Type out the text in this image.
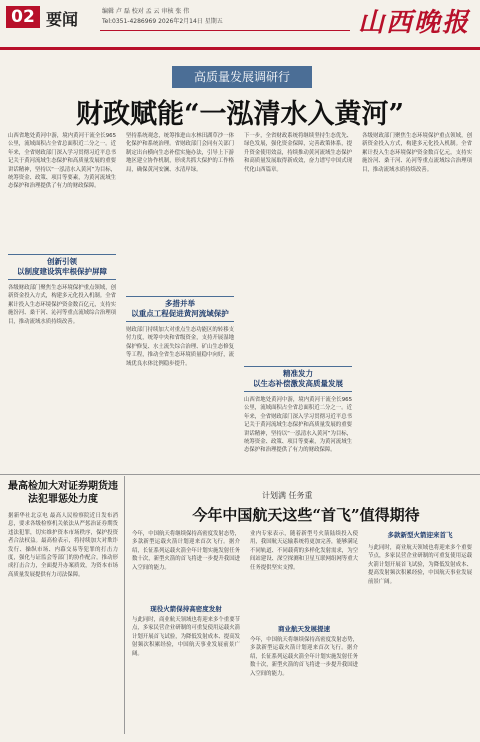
02 要闻	编辑 卢 磊 校对 孟 云 审核 张 伟
Tel:0351-4286969 2026年2月14日 星期五	山西晚报
高质量发展调研行
财政赋能“一泓清水入黄河”
山西省地处黄河中游，境内黄河干流全长965公里，流域面积占全省总面积近二分之一。近年来，全省财政部门深入学习贯彻习近平总书记关于黄河流域生态保护和高质量发展的重要讲话精神，坚持以“一泓清水入黄河”为目标，统筹资金、政策、项目等要素，为黄河流域生态保护和治理提供了有力的财政保障。
创新引领
以制度建设筑牢根保护屏障
各级财政部门聚焦生态环境保护重点领域，创新资金投入方式，构建多元化投入机制。全省累计投入生态环境保护资金数百亿元，支持实施汾河、桑干河、沁河等重点流域综合治理项目，推动流域水质持续改善。
坚持系统观念，统筹推进山水林田湖草沙一体化保护和系统治理。省财政部门会同有关部门制定出台横向生态补偿实施办法，引导上下游地区建立协作机制，形成共抓大保护的工作格局，确保黄河安澜、水清岸绿。
多措并举
以重点工程促进黄河流域保护
财政部门持续加大对重点生态功能区的转移支付力度，统筹中央和省级资金，支持开展湿地保护修复、水土流失综合治理、矿山生态修复等工程，推动全省生态环境质量稳中向好，流域优良水体比例稳步提升。
下一步，全省财政系统将继续坚持生态优先、绿色发展，强化资金保障，完善政策体系，提升资金使用效益，持续推动黄河流域生态保护和高质量发展取得新成效，奋力谱写中国式现代化山西篇章。
精准发力
以生态补偿激发高质量发展
山西省地处黄河中游，境内黄河干流全长965公里，流域面积占全省总面积近二分之一。近年来，全省财政部门深入学习贯彻习近平总书记关于黄河流域生态保护和高质量发展的重要讲话精神，坚持以“一泓清水入黄河”为目标，统筹资金、政策、项目等要素，为黄河流域生态保护和治理提供了有力的财政保障。
各级财政部门聚焦生态环境保护重点领域，创新资金投入方式，构建多元化投入机制。全省累计投入生态环境保护资金数百亿元，支持实施汾河、桑干河、沁河等重点流域综合治理项目，推动流域水质持续改善。
最高检加大对证券期货违法犯罪惩处力度
据新华社北京电 最高人民检察院近日发布消息，要求各级检察机关依法从严惩治证券期货违法犯罪，切实维护资本市场秩序，保护投资者合法权益。最高检表示，将持续加大对欺诈发行、操纵市场、内幕交易等犯罪的打击力度，强化与证监会等部门的协作配合，推动形成打击合力，全面提升办案质效，为资本市场高质量发展提供有力司法保障。
计划满 任务重
今年中国航天这些“首飞”值得期待
今年，中国航天将继续保持高密度发射态势，多款新型运载火箭计划迎来首次飞行。据介绍，长征系列运载火箭全年计划实施发射任务数十次，新型火箭的首飞将进一步提升我国进入空间的能力。
现役火箭保持高密度发射
与此同时，商业航天领域也将迎来多个重要节点，多家民营企业研制的可重复使用运载火箭计划开展首飞试验，为降低发射成本、提高发射频次积累经验，中国航天事业发展前景广阔。
业内专家表示，随着新型号火箭陆续投入使用，我国航天运输系统将更加完善，能够满足不同轨道、不同载荷的多样化发射需求，为空间站建设、深空探测和卫星互联网组网等重大任务提供坚实支撑。
商业航天发展提速
今年，中国航天将继续保持高密度发射态势，多款新型运载火箭计划迎来首次飞行。据介绍，长征系列运载火箭全年计划实施发射任务数十次，新型火箭的首飞将进一步提升我国进入空间的能力。
多款新型火箭迎来首飞
与此同时，商业航天领域也将迎来多个重要节点，多家民营企业研制的可重复使用运载火箭计划开展首飞试验，为降低发射成本、提高发射频次积累经验，中国航天事业发展前景广阔。
